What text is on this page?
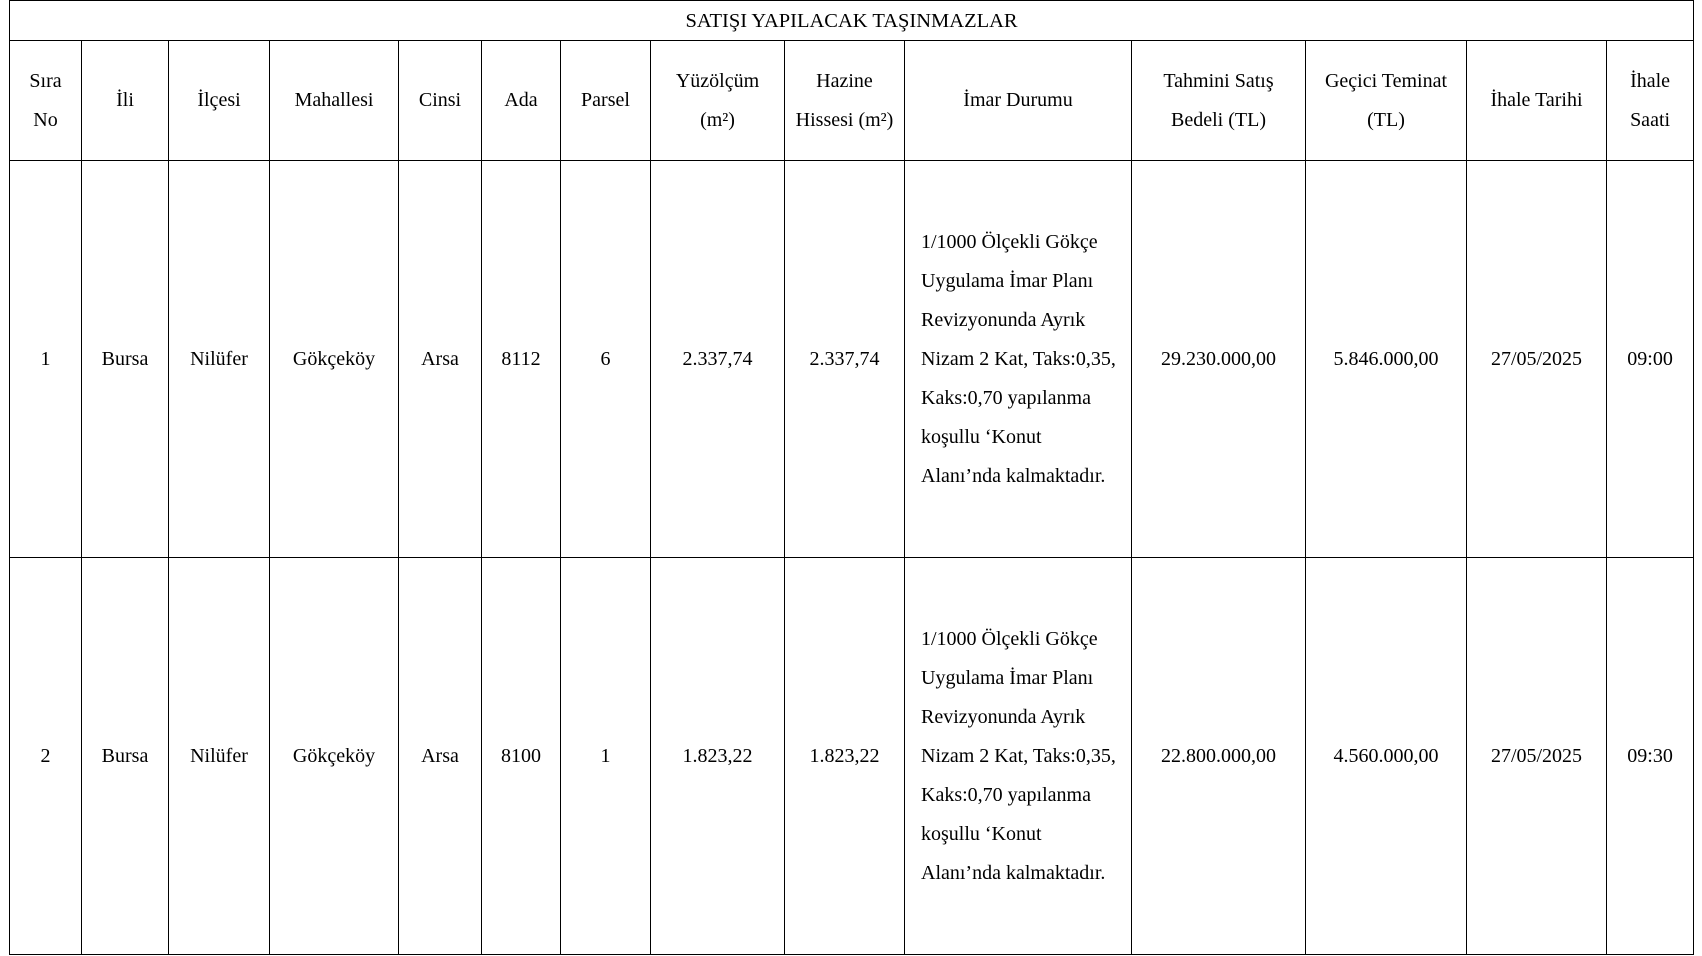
SATIŞI YAPILACAK TAŞINMAZLAR													
Sıra No	İli	İlçesi	Mahallesi	Cinsi	Ada	Parsel	Yüzölçüm (m²)	Hazine Hissesi (m²)	İmar Durumu	Tahmini Satış Bedeli (TL)	Geçici Teminat (TL)	İhale Tarihi	İhale Saati
1	Bursa	Nilüfer	Gökçeköy	Arsa	8112	6	2.337,74	2.337,74	1/1000 Ölçekli Gökçe Uygulama İmar Planı Revizyonunda Ayrık Nizam 2 Kat, Taks:0,35, Kaks:0,70 yapılanma koşullu ‘Konut Alanı’nda kalmaktadır.	29.230.000,00	5.846.000,00	27/05/2025	09:00
2	Bursa	Nilüfer	Gökçeköy	Arsa	8100	1	1.823,22	1.823,22	1/1000 Ölçekli Gökçe Uygulama İmar Planı Revizyonunda Ayrık Nizam 2 Kat, Taks:0,35, Kaks:0,70 yapılanma koşullu ‘Konut Alanı’nda kalmaktadır.	22.800.000,00	4.560.000,00	27/05/2025	09:30
